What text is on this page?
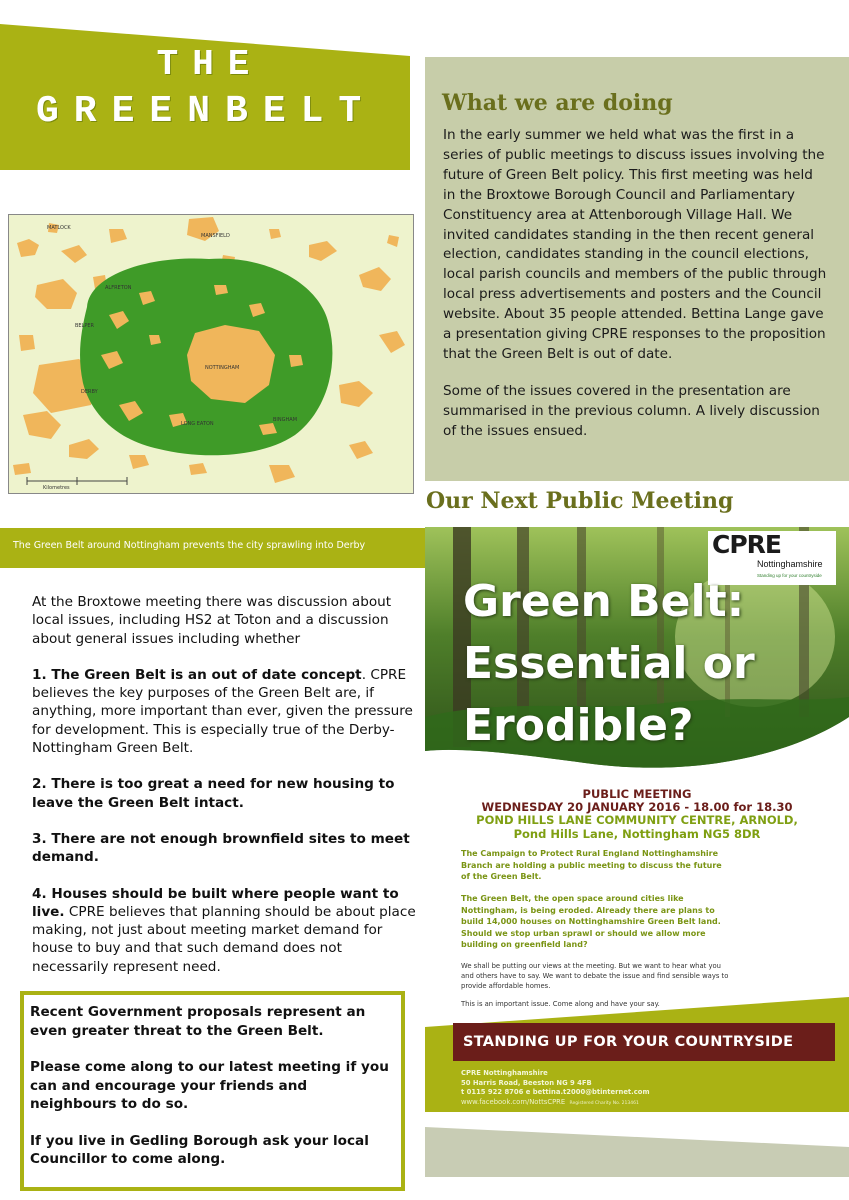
THE
GREENBELT	What we are doing

In the early summer we held what was the first in a series of public meetings to discuss issues involving the future of Green Belt policy. This first meeting was held in the Broxtowe Borough Council and Parliamentary Constituency area at Attenborough Village Hall. We invited candidates standing in the then recent general election, candidates standing in the council elections, local parish councils and members of the public through local press advertisements and posters and the Council website. About 35 people attended. Bettina Lange gave a presentation giving CPRE responses to the proposition that the Green Belt is out of date.

Some of the issues covered in the presentation are summarised in the previous column. A lively discussion of the issues ensued.

Our Next Public Meeting
MATLOCK
MANSFIELD
ALFRETON
BELPER
NOTTINGHAM
DERBY
LONG EATON
BINGHAM
Kilometres
The Green Belt around Nottingham prevents the city sprawling into Derby

At the Broxtowe meeting there was discussion about local issues, including HS2 at Toton and a discussion about general issues including whether

1. The Green Belt is an out of date concept. CPRE believes the key purposes of the Green Belt are, if anything, more important than ever, given the pressure for development. This is especially true of the Derby-Nottingham Green Belt.

2. There is too great a need for new housing to leave the Green Belt intact.

3. There are not enough brownfield sites to meet demand.

4. Houses should be built where people want to live. CPRE believes that planning should be about place making, not just about meeting market demand for house to buy and that such demand does not necessarily represent need.

Recent Government proposals represent an even greater threat to the Green Belt.

Please come along to our latest meeting if you can and encourage your friends and neighbours to do so.

If you live in Gedling Borough ask your local Councillor to come along.

CPRE
Nottinghamshire
Standing up for your countryside
Green Belt:
Essential or
Erodible?
PUBLIC MEETING
WEDNESDAY 20 JANUARY 2016 - 18.00 for 18.30
POND HILLS LANE COMMUNITY CENTRE, ARNOLD,
Pond Hills Lane, Nottingham NG5 8DR
The Campaign to Protect Rural England Nottinghamshire Branch are holding a public meeting to discuss the future of the Green Belt.
The Green Belt, the open space around cities like Nottingham, is being eroded. Already there are plans to build 14,000 houses on Nottinghamshire Green Belt land. Should we stop urban sprawl or should we allow more building on greenfield land?

We shall be putting our views at the meeting. But we want to hear what you and others have to say. We want to debate the issue and find sensible ways to provide affordable homes.

This is an important issue. Come along and have your say.

STANDING UP FOR YOUR COUNTRYSIDE
CPRE Nottinghamshire
50 Harris Road, Beeston NG 9 4FB
t 0115 922 8706 e bettina.t2000@btinternet.com
www.facebook.com/NottsCPRE Registered Charity No. 213461
